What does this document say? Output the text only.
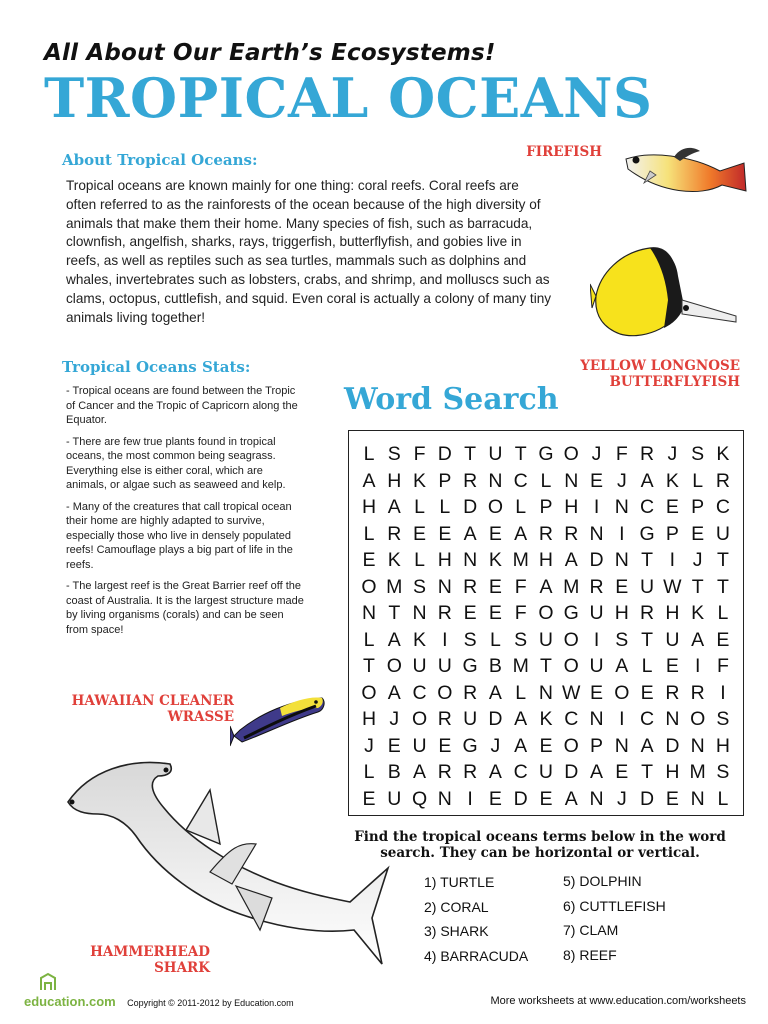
All About Our Earth’s Ecosystems!
TROPICAL OCEANS
About Tropical Oceans:
Tropical oceans are known mainly for one thing: coral reefs. Coral reefs are often referred to as the rainforests of the ocean because of the high diversity of animals that make them their home. Many species of fish, such as barracuda, clownfish, angelfish, sharks, rays, triggerfish, butterflyfish, and gobies live in reefs, as well as reptiles such as sea turtles, mammals such as dolphins and whales, invertebrates such as lobsters, crabs, and shrimp, and molluscs such as clams, octopus, cuttlefish, and squid. Even coral is actually a colony of many tiny animals living together!
Tropical Oceans Stats:

- Tropical oceans are found between the Tropic of Cancer and the Tropic of Capricorn along the Equator.

- There are few true plants found in tropical oceans, the most common being seagrass. Everything else is either coral, which are animals, or algae such as seaweed and kelp.

- Many of the creatures that call tropical ocean their home are highly adapted to survive, especially those who live in densely populated reefs! Camouflage plays a big part of life in the reefs.

- The largest reef is the Great Barrier reef off the coast of Australia. It is the largest structure made by living organisms (corals) and can be seen from space!

FIREFISH
YELLOW LONGNOSE
BUTTERFLYFISH
Word Search
L S F D T U T G O J F R J S K
A H K P R N C L N E J A K L R
H A L L D O L P H I N C E P C
L R E E A E A R R N I G P E U
E K L H N K M H A D N T I J T
O M S N R E F A M R E U W T T
N T N R E E F O G U H R H K L
L A K I S L S U O I S T U A E
T O U U G B M T O U A L E I F
O A C O R A L N W E O E R R I
H J O R U D A K C N I C N O S
J E U E G J A E O P N A D N H
L B A R R A C U D A E T H M S
E U Q N I E D E A N J D E N L
Find the tropical oceans terms below in the word search. They can be horizontal or vertical.
1) TURTLE
2) CORAL
3) SHARK
4) BARRACUDA
5) DOLPHIN
6) CUTTLEFISH
7) CLAM
8) REEF
HAWAIIAN CLEANER
WRASSE
HAMMERHEAD
SHARK
education.com Copyright © 2011-2012 by Education.com	More worksheets at www.education.com/worksheets
